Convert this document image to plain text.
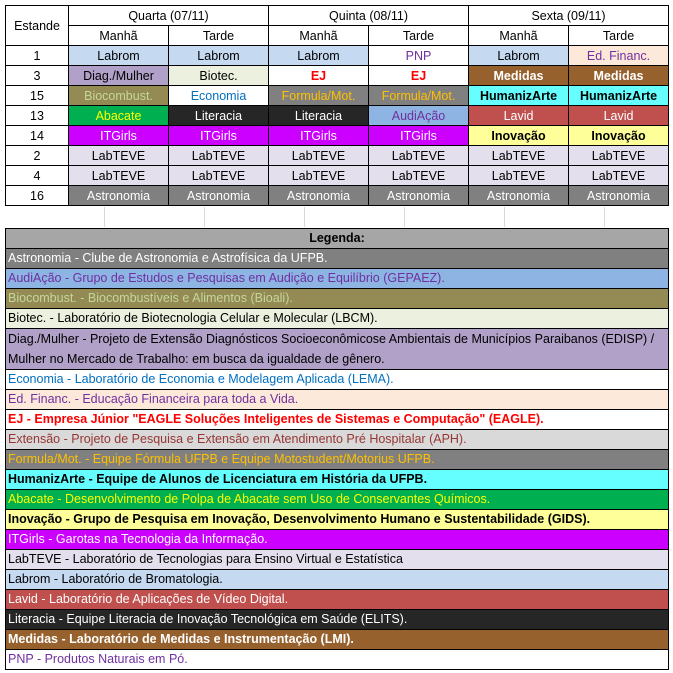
Estande	Quarta (07/11)		Quinta (08/11)		Sexta (09/11)	
	Manhã	Tarde	Manhã	Tarde	Manhã	Tarde
1	Labrom	Labrom	Labrom	PNP	Labrom	Ed. Financ.
3	Diag./Mulher	Biotec.	EJ	EJ	Medidas	Medidas
15	Biocombust.	Economia	Formula/Mot.	Formula/Mot.	HumanizArte	HumanizArte
13	Abacate	Literacia	Literacia	AudiAção	Lavid	Lavid
14	ITGirls	ITGirls	ITGirls	ITGirls	Inovação	Inovação
2	LabTEVE	LabTEVE	LabTEVE	LabTEVE	LabTEVE	LabTEVE
4	LabTEVE	LabTEVE	LabTEVE	LabTEVE	LabTEVE	LabTEVE
16	Astronomia	Astronomia	Astronomia	Astronomia	Astronomia	Astronomia
Legenda:
Astronomia - Clube de Astronomia e Astrofísica da UFPB.
AudiAção - Grupo de Estudos e Pesquisas em Audição e Equilíbrio (GEPAEZ).
Biocombust. - Biocombustíveis e Alimentos (Bioali).
Biotec. - Laboratório de Biotecnologia Celular e Molecular (LBCM).
Diag./Mulher - Projeto de Extensão Diagnósticos Socioeconômicose Ambientais de Municípios Paraibanos (EDISP) / Mulher no Mercado de Trabalho: em busca da igualdade de gênero.
Economia - Laboratório de Economia e Modelagem Aplicada (LEMA).
Ed. Financ. - Educação Financeira para toda a Vida.
EJ - Empresa Júnior "EAGLE Soluções Inteligentes de Sistemas e Computação" (EAGLE).
Extensão - Projeto de Pesquisa e Extensão em Atendimento Pré Hospitalar (APH).
Formula/Mot. - Equipe Fórmula UFPB e Equipe Motostudent/Motorius UFPB.
HumanizArte - Equipe de Alunos de Licenciatura em História da UFPB.
Abacate - Desenvolvimento de Polpa de Abacate sem Uso de Conservantes Químicos.
Inovação - Grupo de Pesquisa em Inovação, Desenvolvimento Humano e Sustentabilidade (GIDS).
ITGirls - Garotas na Tecnologia da Informação.
LabTEVE - Laboratório de Tecnologias para Ensino Virtual e Estatística
Labrom - Laboratório de Bromatologia.
Lavid - Laboratório de Aplicações de Vídeo Digital.
Literacia - Equipe Literacia de Inovação Tecnológica em Saúde (ELITS).
Medidas - Laboratório de Medidas e Instrumentação (LMI).
PNP - Produtos Naturais em Pó.
